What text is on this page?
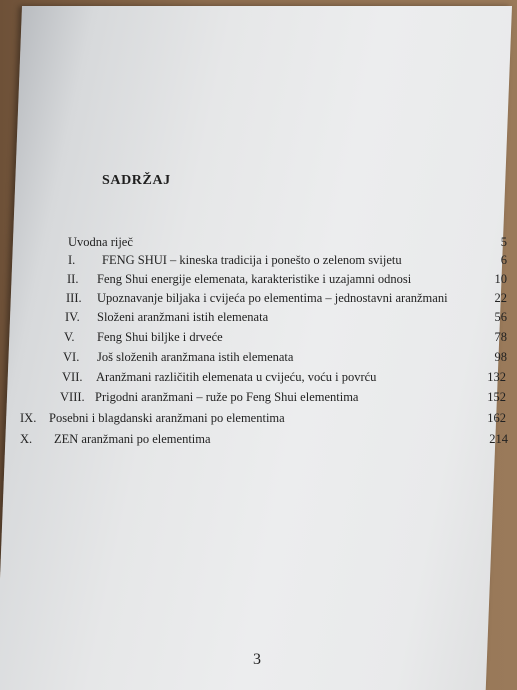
SADRŽAJ
Uvodna riječ	5
I. FENG SHUI – kineska tradicija i ponešto o zelenom svijetu	6
II. Feng Shui energije elemenata, karakteristike i uzajamni odnosi	10
III. Upoznavanje biljaka i cvijeća po elementima – jednostavni aranžmani	22
IV. Složeni aranžmani istih elemenata	56
V. Feng Shui biljke i drveće	78
VI. Još složenih aranžmana istih elemenata	98
VII. Aranžmani različitih elemenata u cvijeću, voću i povrću	132
VIII. Prigodni aranžmani – ruže po Feng Shui elementima	152
IX. Posebni i blagdanski aranžmani po elementima	162
X. ZEN aranžmani po elementima	214
3
